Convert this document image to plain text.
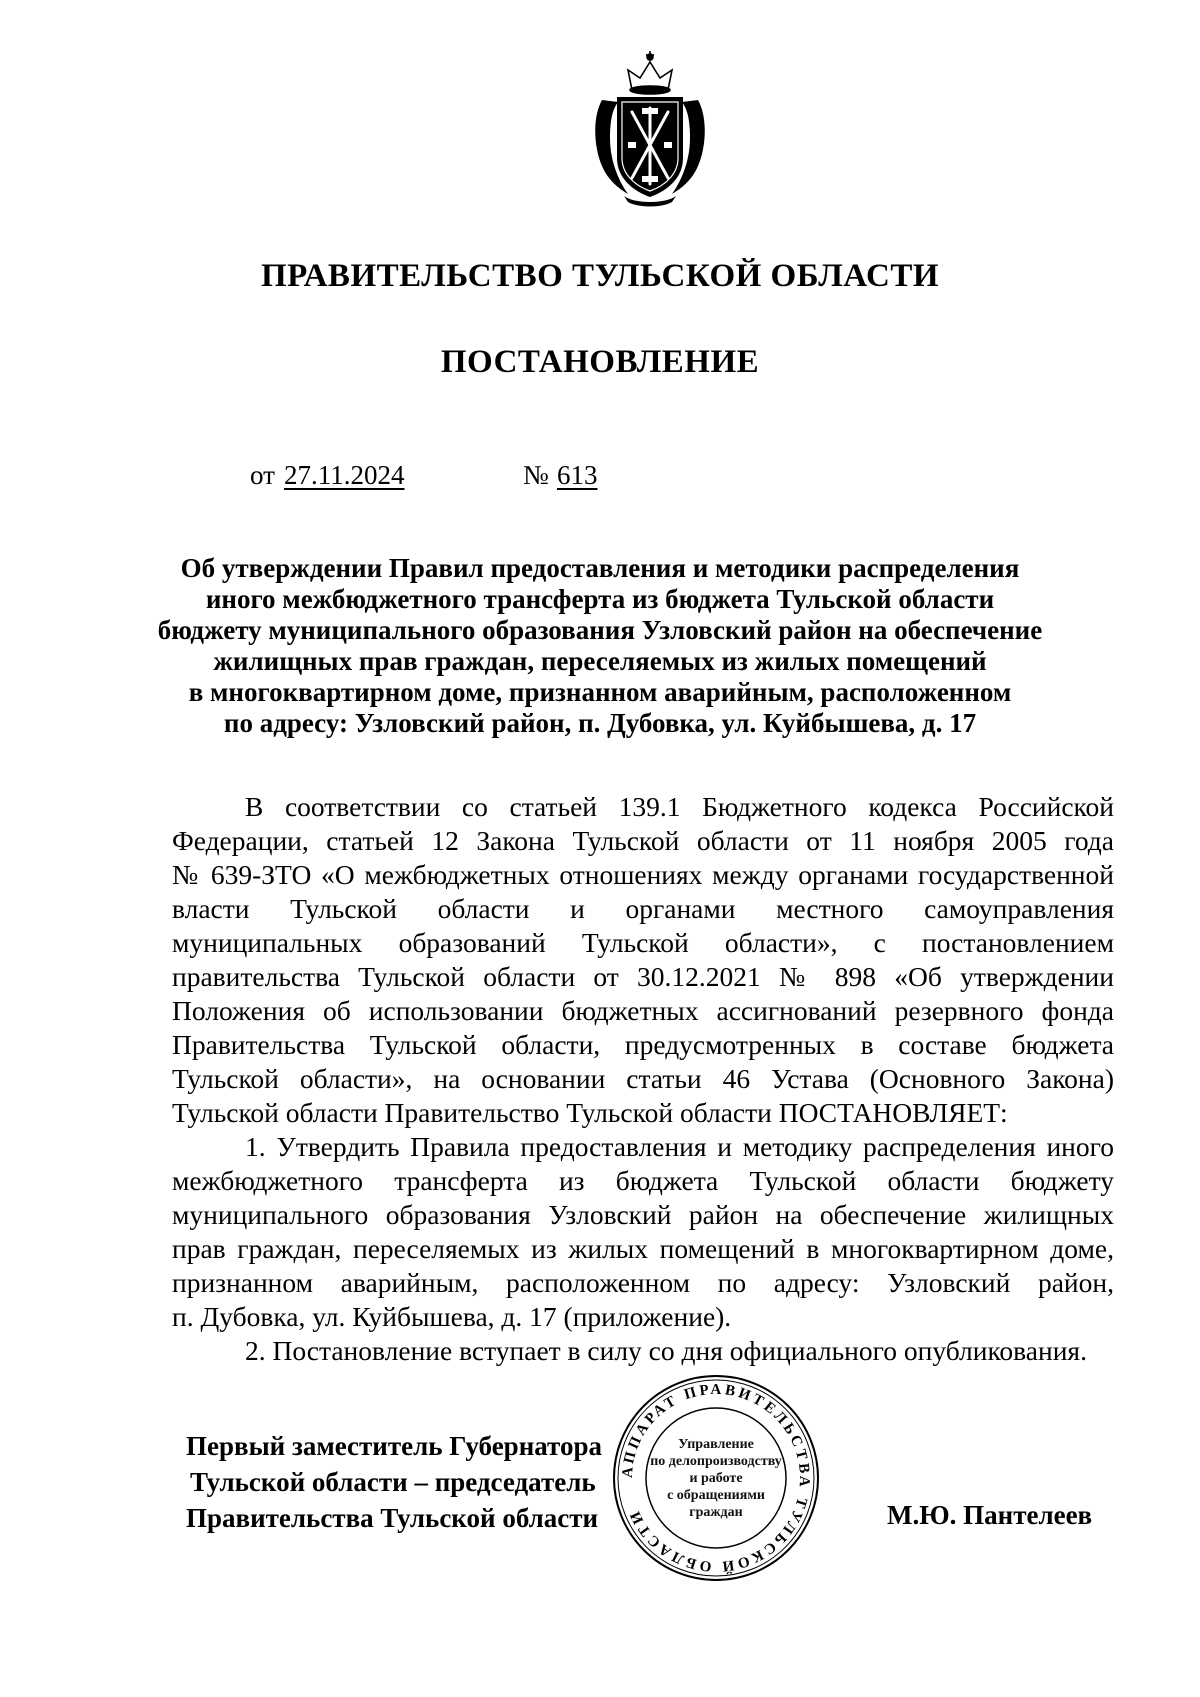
ПРАВИТЕЛЬСТВО ТУЛЬСКОЙ ОБЛАСТИ
ПОСТАНОВЛЕНИЕ
от 27.11.2024	№ 613
Об утверждении Правил предоставления и методики распределения
иного межбюджетного трансферта из бюджета Тульской области
бюджету муниципального образования Узловский район на обеспечение
жилищных прав граждан, переселяемых из жилых помещений
в многоквартирном доме, признанном аварийным, расположенном
по адресу: Узловский район, п. Дубовка, ул. Куйбышева, д. 17
В соответствии со статьей 139.1 Бюджетного кодекса Российской
Федерации, статьей 12 Закона Тульской области от 11 ноября 2005 года
№ 639-ЗТО «О межбюджетных отношениях между органами государственной
власти Тульской области и органами местного самоуправления
муниципальных образований Тульской области», с постановлением
правительства Тульской области от 30.12.2021 № 898 «Об утверждении
Положения об использовании бюджетных ассигнований резервного фонда
Правительства Тульской области, предусмотренных в составе бюджета
Тульской области», на основании статьи 46 Устава (Основного Закона)
Тульской области Правительство Тульской области ПОСТАНОВЛЯЕТ:
1. Утвердить Правила предоставления и методику распределения иного
межбюджетного трансферта из бюджета Тульской области бюджету
муниципального образования Узловский район на обеспечение жилищных
прав граждан, переселяемых из жилых помещений в многоквартирном доме,
признанном аварийным, расположенном по адресу: Узловский район,
п. Дубовка, ул. Куйбышева, д. 17 (приложение).
2. Постановление вступает в силу со дня официального опубликования.
Первый заместитель Губернатора
Тульской области – председатель
Правительства Тульской области	М.Ю. Пантелеев
АППАРАТ ПРАВИТЕЛЬСТВА ТУЛЬСКОЙ ОБЛАСТИ
Управление
по делопроизводству
и работе
с обращениями
граждан
